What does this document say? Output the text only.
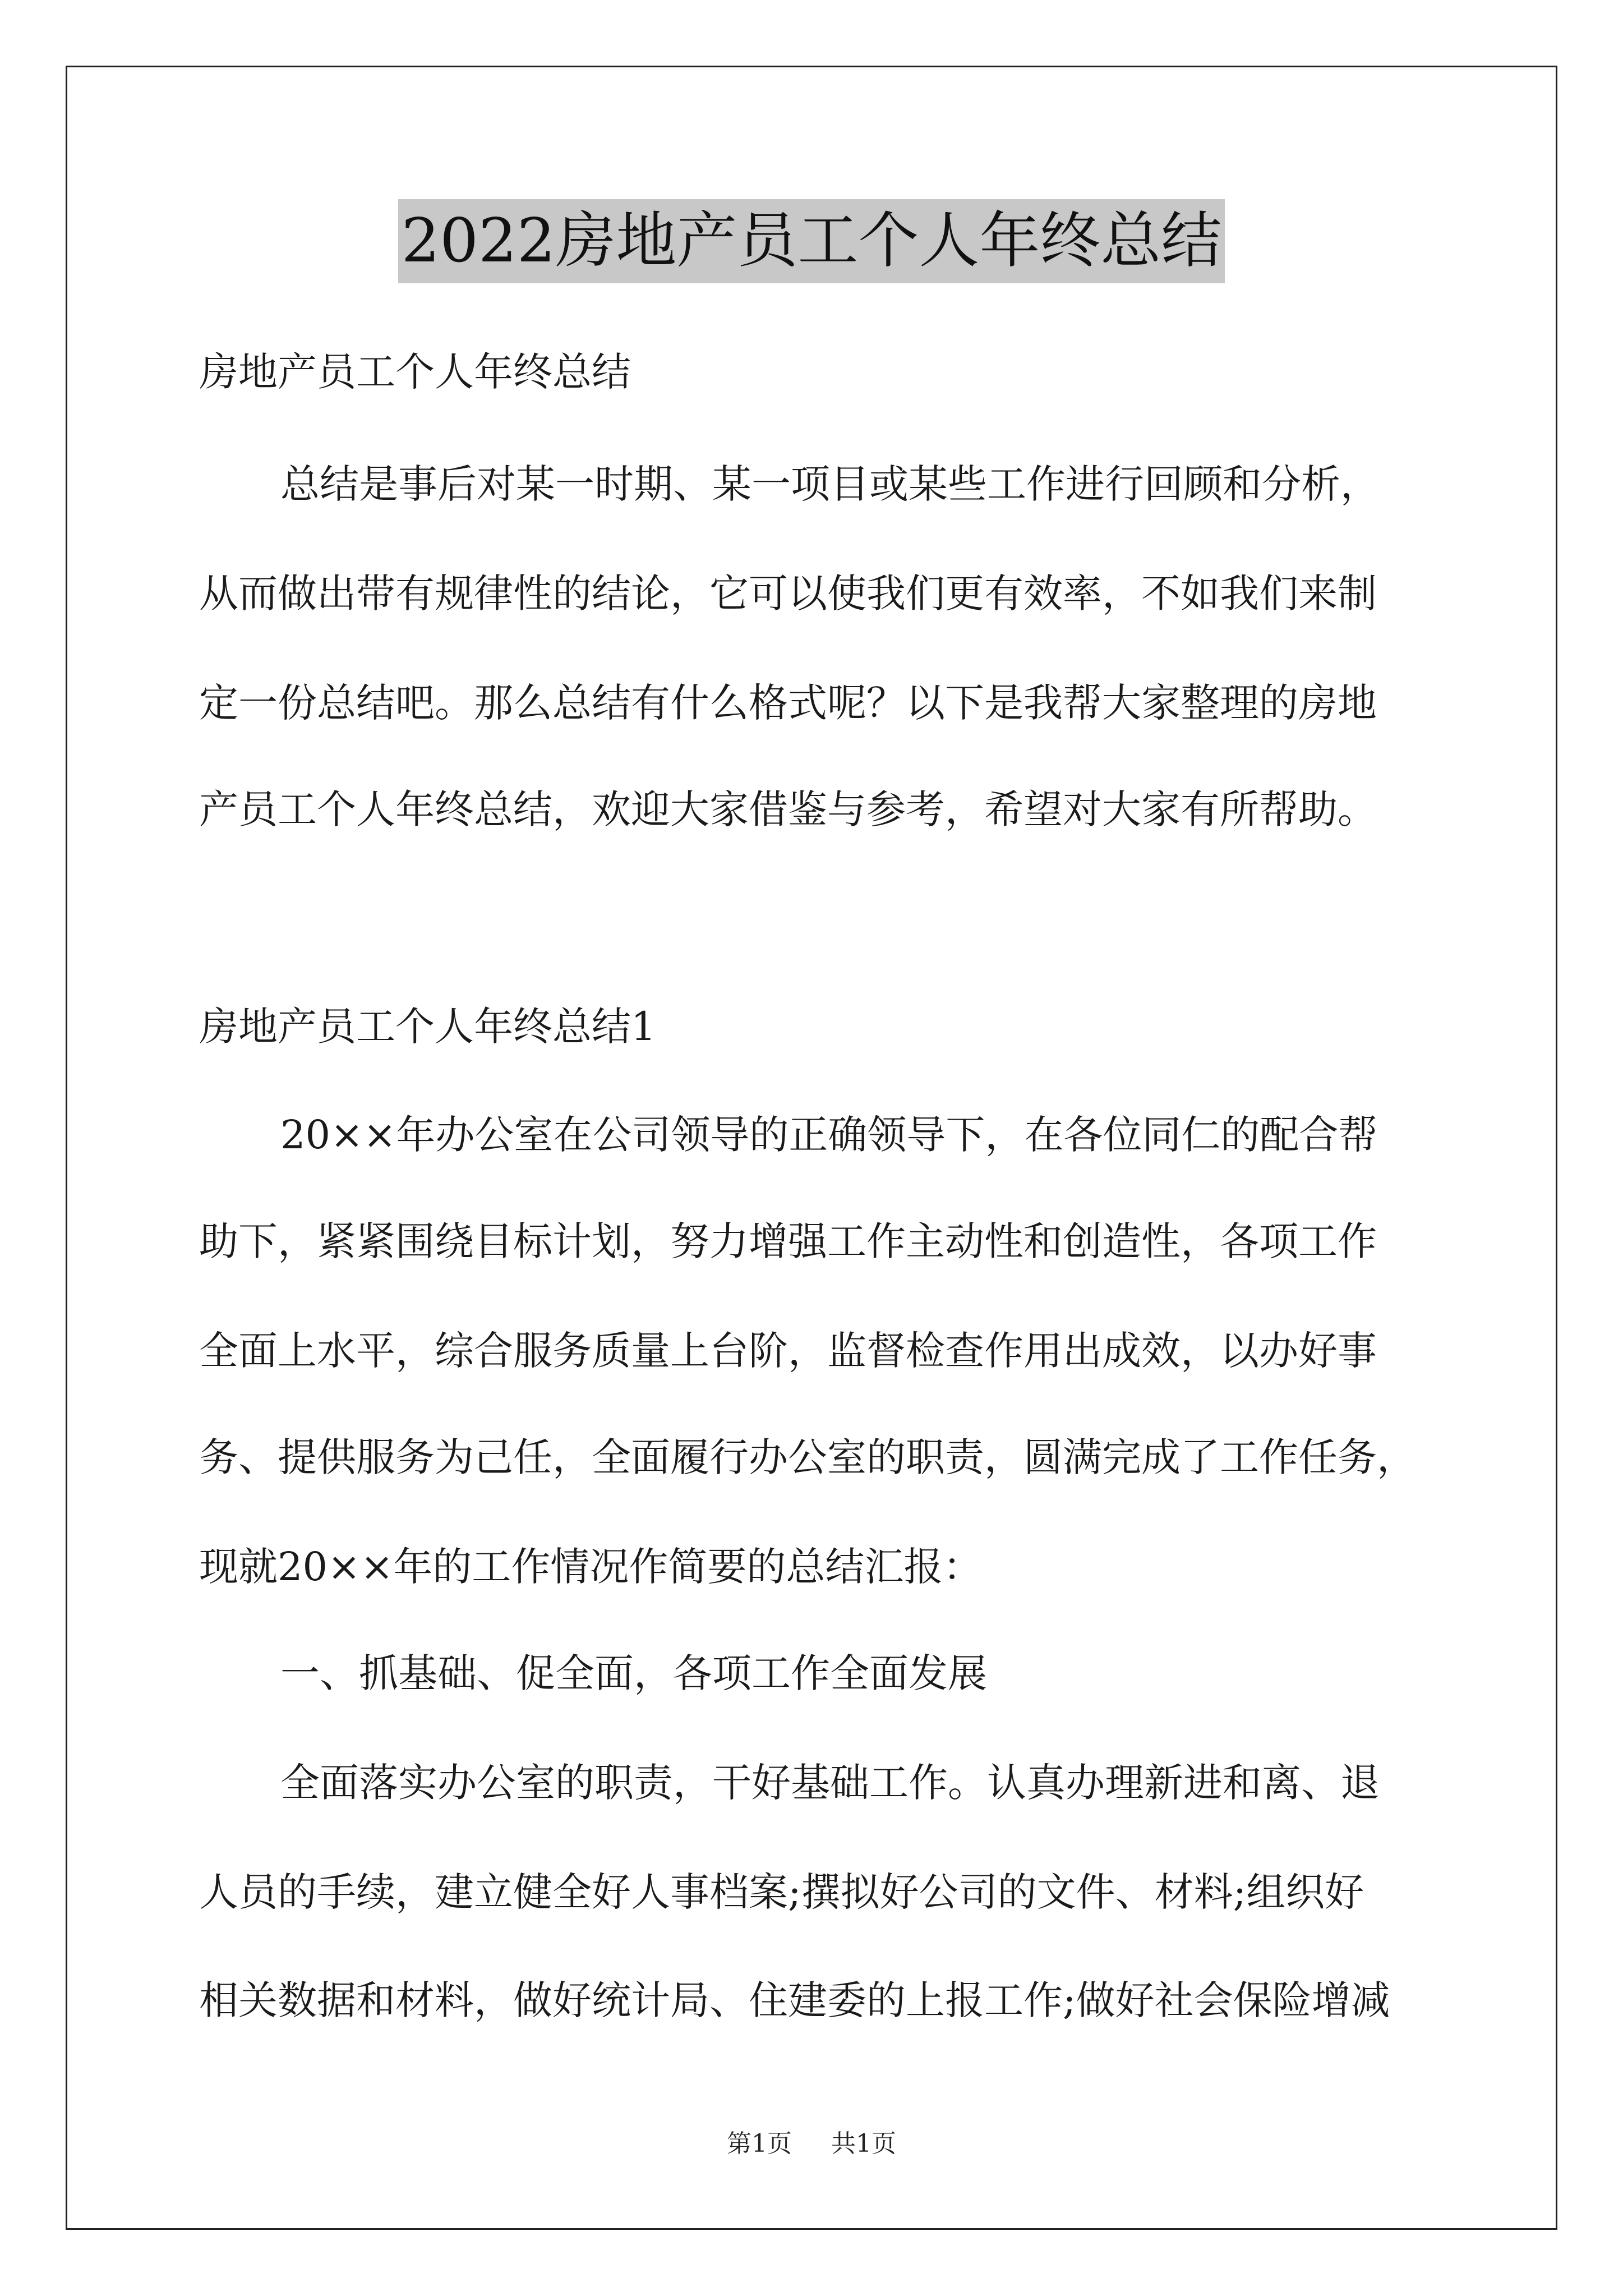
2022房地产员工个人年终总结
房地产员工个人年终总结
总结是事后对某一时期、某一项目或某些工作进行回顾和分析，
从而做出带有规律性的结论，它可以使我们更有效率，不如我们来制
定一份总结吧。那么总结有什么格式呢？以下是我帮大家整理的房地
产员工个人年终总结，欢迎大家借鉴与参考，希望对大家有所帮助。
房地产员工个人年终总结1
20××年办公室在公司领导的正确领导下，在各位同仁的配合帮
助下，紧紧围绕目标计划，努力增强工作主动性和创造性，各项工作
全面上水平，综合服务质量上台阶，监督检查作用出成效，以办好事
务、提供服务为己任，全面履行办公室的职责，圆满完成了工作任务，
现就20××年的工作情况作简要的总结汇报：
一、抓基础、促全面，各项工作全面发展
全面落实办公室的职责，干好基础工作。认真办理新进和离、退
人员的手续，建立健全好人事档案;撰拟好公司的文件、材料;组织好
相关数据和材料，做好统计局、住建委的上报工作;做好社会保险增减
第1页 共1页
